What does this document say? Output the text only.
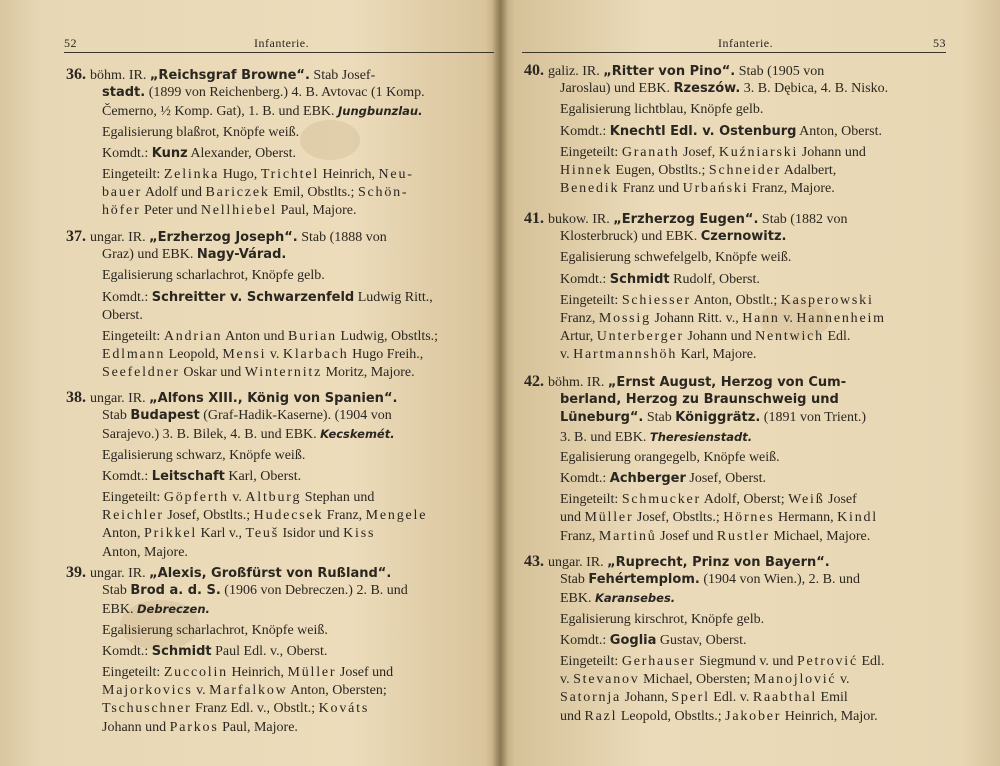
52	Infanterie.
36. böhm. IR. „Reichsgraf Browne“. Stab Josef-
stadt. (1899 von Reichenberg.) 4. B. Avtovac (1 Komp.
Čemerno, ½ Komp. Gat), 1. B. und EBK. Jungbunzlau.
Egalisierung blaßrot, Knöpfe weiß.
Komdt.: Kunz Alexander, Oberst.
Eingeteilt: Zelinka Hugo, Trichtel Heinrich, Neu-
bauer Adolf und Bariczek Emil, Obstlts.; Schön-
höfer Peter und Nellhiebel Paul, Majore.
37. ungar. IR. „Erzherzog Joseph“. Stab (1888 von
Graz) und EBK. Nagy-Várad.
Egalisierung scharlachrot, Knöpfe gelb.
Komdt.: Schreitter v. Schwarzenfeld Ludwig Ritt.,
Oberst.
Eingeteilt: Andrian Anton und Burian Ludwig, Obstlts.;
Edlmann Leopold, Mensi v. Klarbach Hugo Freih.,
Seefeldner Oskar und Winternitz Moritz, Majore.
38. ungar. IR. „Alfons XIII., König von Spanien“.
Stab Budapest (Graf-Hadik-Kaserne). (1904 von
Sarajevo.) 3. B. Bilek, 4. B. und EBK. Kecskemét.
Egalisierung schwarz, Knöpfe weiß.
Komdt.: Leitschaft Karl, Oberst.
Eingeteilt: Göpferth v. Altburg Stephan und
Reichler Josef, Obstlts.; Hudecsek Franz, Mengele
Anton, Prikkel Karl v., Teuš Isidor und Kiss
Anton, Majore.
39. ungar. IR. „Alexis, Großfürst von Rußland“.
Stab Brod a. d. S. (1906 von Debreczen.) 2. B. und
EBK. Debreczen.
Egalisierung scharlachrot, Knöpfe weiß.
Komdt.: Schmidt Paul Edl. v., Oberst.
Eingeteilt: Zuccolin Heinrich, Müller Josef und
Majorkovics v. Marfalkow Anton, Obersten;
Tschuschner Franz Edl. v., Obstlt.; Kováts
Johann und Parkos Paul, Majore.
Infanterie.	53
40. galiz. IR. „Ritter von Pino“. Stab (1905 von
Jaroslau) und EBK. Rzeszów. 3. B. Dębica, 4. B. Nisko.
Egalisierung lichtblau, Knöpfe gelb.
Komdt.: Knechtl Edl. v. Ostenburg Anton, Oberst.
Eingeteilt: Granath Josef, Kuźniarski Johann und
Hinnek Eugen, Obstlts.; Schneider Adalbert,
Benedik Franz und Urbański Franz, Majore.
41. bukow. IR. „Erzherzog Eugen“. Stab (1882 von
Klosterbruck) und EBK. Czernowitz.
Egalisierung schwefelgelb, Knöpfe weiß.
Komdt.: Schmidt Rudolf, Oberst.
Eingeteilt: Schiesser Anton, Obstlt.; Kasperowski
Franz, Mossig Johann Ritt. v., Hann v. Hannenheim
Artur, Unterberger Johann und Nentwich Edl.
v. Hartmannshöh Karl, Majore.
42. böhm. IR. „Ernst August, Herzog von Cum-
berland, Herzog zu Braunschweig und
Lüneburg“. Stab Königgrätz. (1891 von Trient.)
3. B. und EBK. Theresienstadt.
Egalisierung orangegelb, Knöpfe weiß.
Komdt.: Achberger Josef, Oberst.
Eingeteilt: Schmucker Adolf, Oberst; Weiß Josef
und Müller Josef, Obstlts.; Hörnes Hermann, Kindl
Franz, Martinů Josef und Rustler Michael, Majore.
43. ungar. IR. „Ruprecht, Prinz von Bayern“.
Stab Fehértemplom. (1904 von Wien.), 2. B. und
EBK. Karansebes.
Egalisierung kirschrot, Knöpfe gelb.
Komdt.: Goglia Gustav, Oberst.
Eingeteilt: Gerhauser Siegmund v. und Petrović Edl.
v. Stevanov Michael, Obersten; Manojlović v.
Satornja Johann, Sperl Edl. v. Raabthal Emil
und Razl Leopold, Obstlts.; Jakober Heinrich, Major.
